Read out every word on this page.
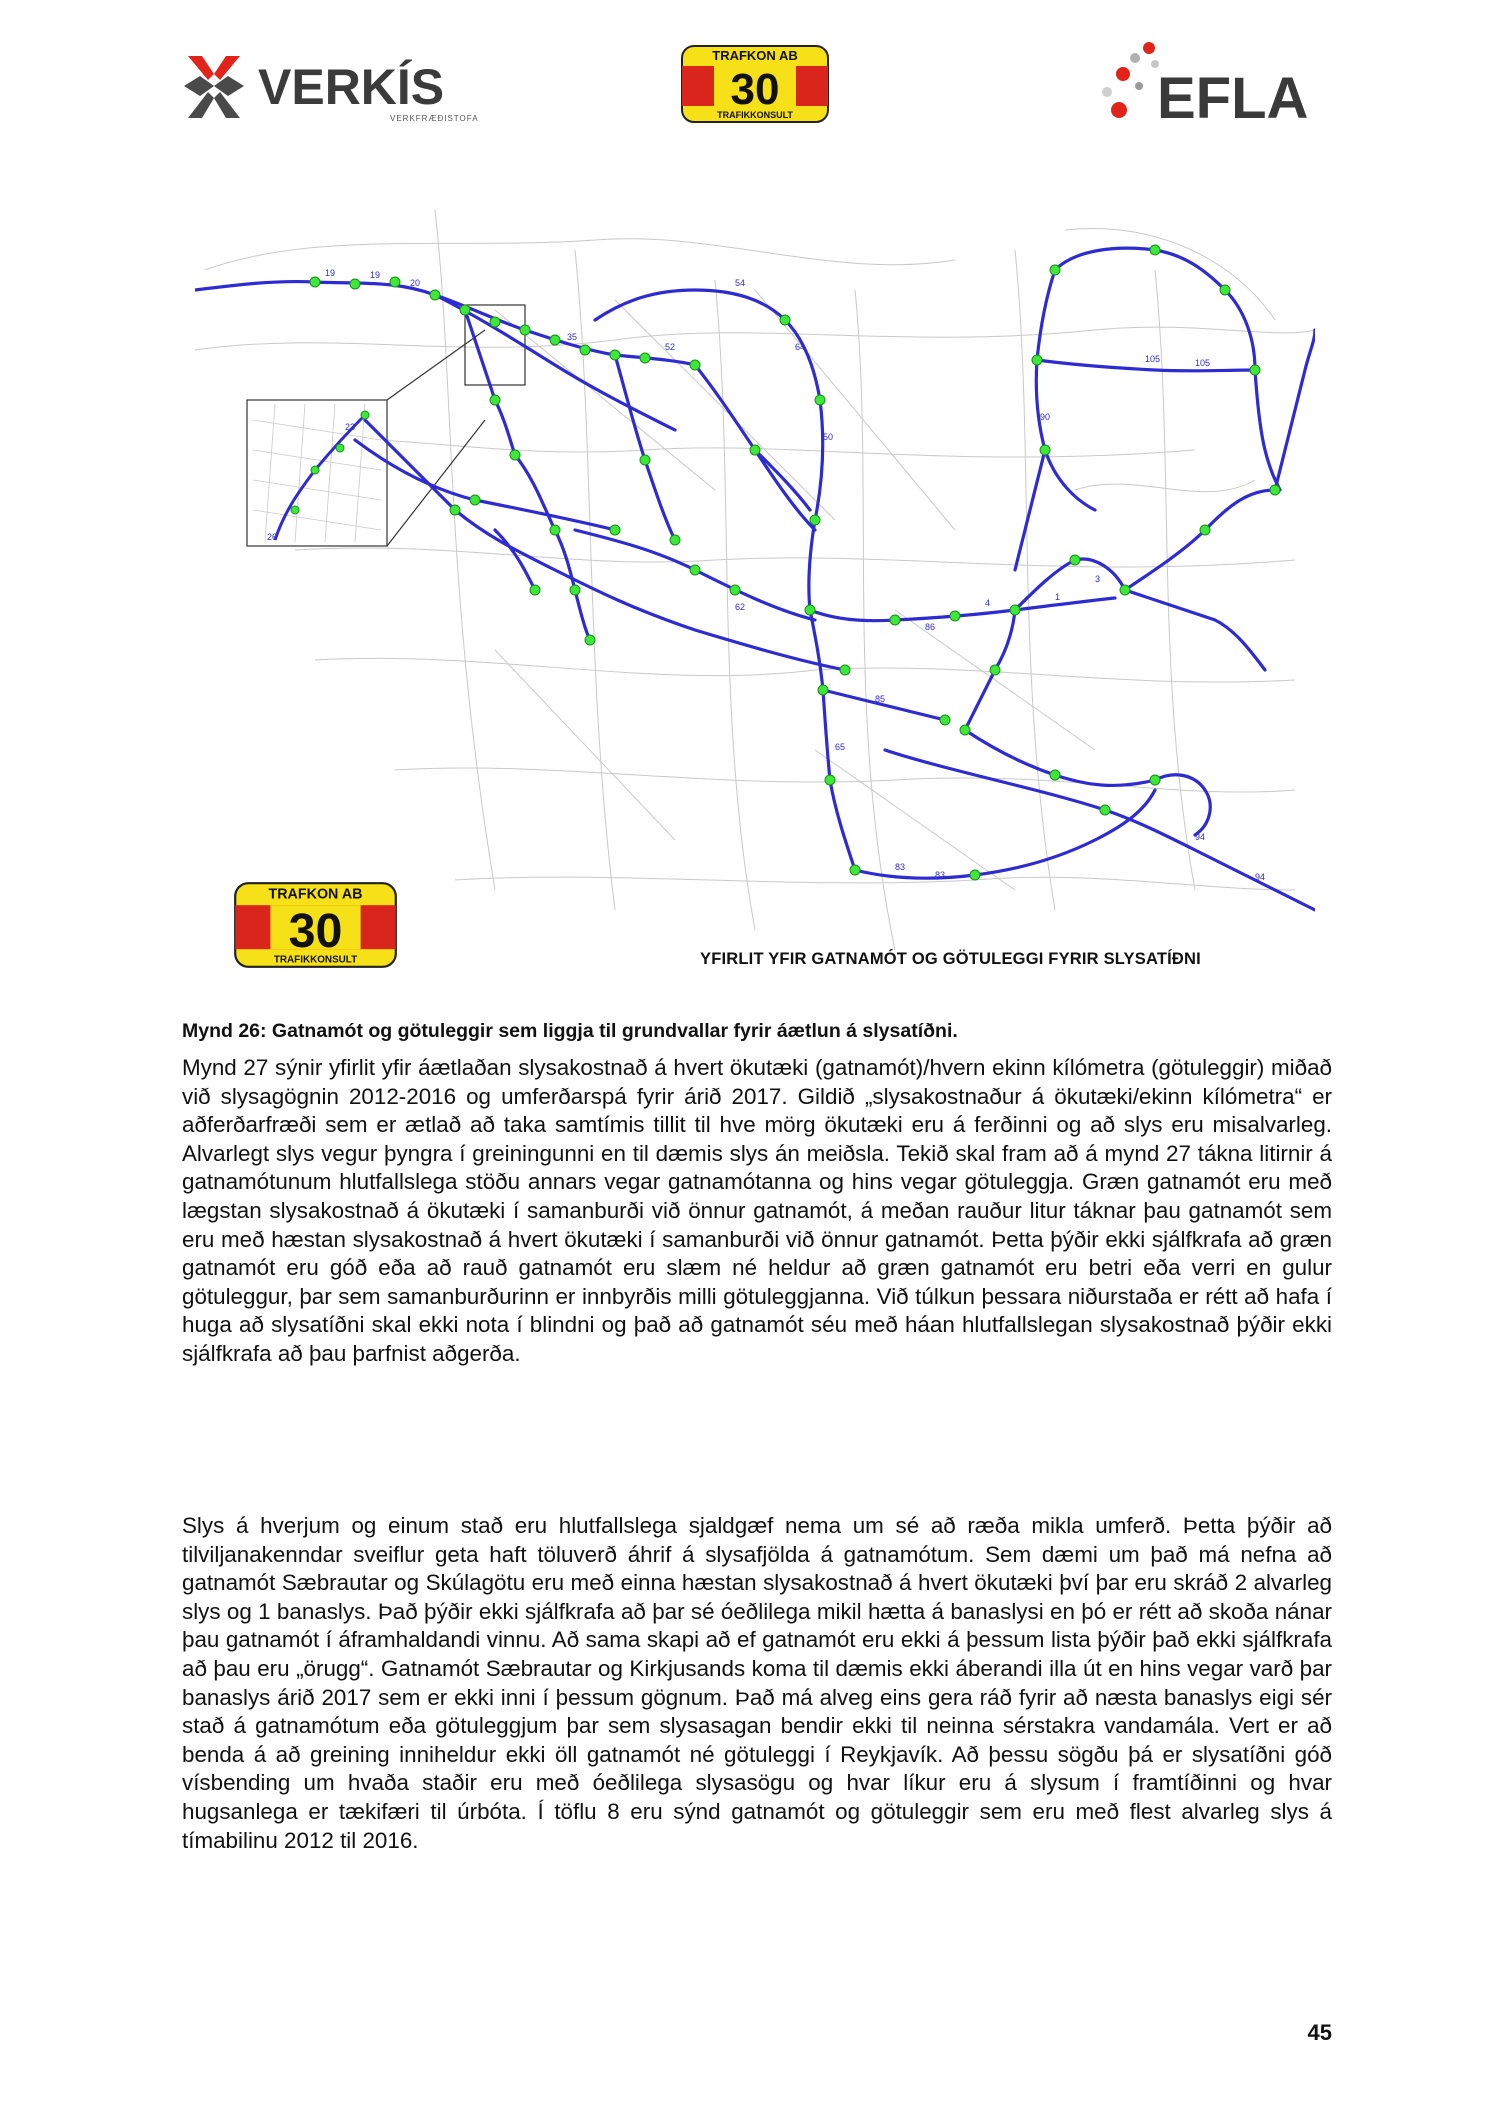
VERKÍS
VERKFRÆÐISTOFA
TRAFKON AB
30
TRAFIKKONSULT	EFLA
19	19
20
35
52
54
64
50
62
86
90
105	105
4
1
3
85
94
94
83
83
65
26
23
TRAFKON AB
30
TRAFIKKONSULT	YFIRLIT YFIR GATNAMÓT OG GÖTULEGGI FYRIR SLYSATÍÐNI
Mynd 26: Gatnamót og götuleggir sem liggja til grundvallar fyrir áætlun á slysatíðni.

Mynd 27 sýnir yfirlit yfir áætlaðan slysakostnað á hvert ökutæki (gatnamót)/hvern ekinn kílómetra (götuleggir) miðað við slysagögnin 2012-2016 og umferðarspá fyrir árið 2017. Gildið „slysakostnaður á ökutæki/ekinn kílómetra“ er aðferðarfræði sem er ætlað að taka samtímis tillit til hve mörg ökutæki eru á ferðinni og að slys eru misalvarleg. Alvarlegt slys vegur þyngra í greiningunni en til dæmis slys án meiðsla. Tekið skal fram að á mynd 27 tákna litirnir á gatnamótunum hlutfallslega stöðu annars vegar gatnamótanna og hins vegar götuleggja. Græn gatnamót eru með lægstan slysakostnað á ökutæki í samanburði við önnur gatnamót, á meðan rauður litur táknar þau gatnamót sem eru með hæstan slysakostnað á hvert ökutæki í samanburði við önnur gatnamót. Þetta þýðir ekki sjálfkrafa að græn gatnamót eru góð eða að rauð gatnamót eru slæm né heldur að græn gatnamót eru betri eða verri en gulur götuleggur, þar sem samanburðurinn er innbyrðis milli götuleggjanna. Við túlkun þessara niðurstaða er rétt að hafa í huga að slysatíðni skal ekki nota í blindni og það að gatnamót séu með háan hlutfallslegan slysakostnað þýðir ekki sjálfkrafa að þau þarfnist aðgerða.

Slys á hverjum og einum stað eru hlutfallslega sjaldgæf nema um sé að ræða mikla umferð. Þetta þýðir að tilviljanakenndar sveiflur geta haft töluverð áhrif á slysafjölda á gatnamótum. Sem dæmi um það má nefna að gatnamót Sæbrautar og Skúlagötu eru með einna hæstan slysakostnað á hvert ökutæki því þar eru skráð 2 alvarleg slys og 1 banaslys. Það þýðir ekki sjálfkrafa að þar sé óeðlilega mikil hætta á banaslysi en þó er rétt að skoða nánar þau gatnamót í áframhaldandi vinnu. Að sama skapi að ef gatnamót eru ekki á þessum lista þýðir það ekki sjálfkrafa að þau eru „örugg“. Gatnamót Sæbrautar og Kirkjusands koma til dæmis ekki áberandi illa út en hins vegar varð þar banaslys árið 2017 sem er ekki inni í þessum gögnum. Það má alveg eins gera ráð fyrir að næsta banaslys eigi sér stað á gatnamótum eða götuleggjum þar sem slysasagan bendir ekki til neinna sérstakra vandamála. Vert er að benda á að greining inniheldur ekki öll gatnamót né götuleggi í Reykjavík. Að þessu sögðu þá er slysatíðni góð vísbending um hvaða staðir eru með óeðlilega slysasögu og hvar líkur eru á slysum í framtíðinni og hvar hugsanlega er tækifæri til úrbóta. Í töflu 8 eru sýnd gatnamót og götuleggir sem eru með flest alvarleg slys á tímabilinu 2012 til 2016.

45
